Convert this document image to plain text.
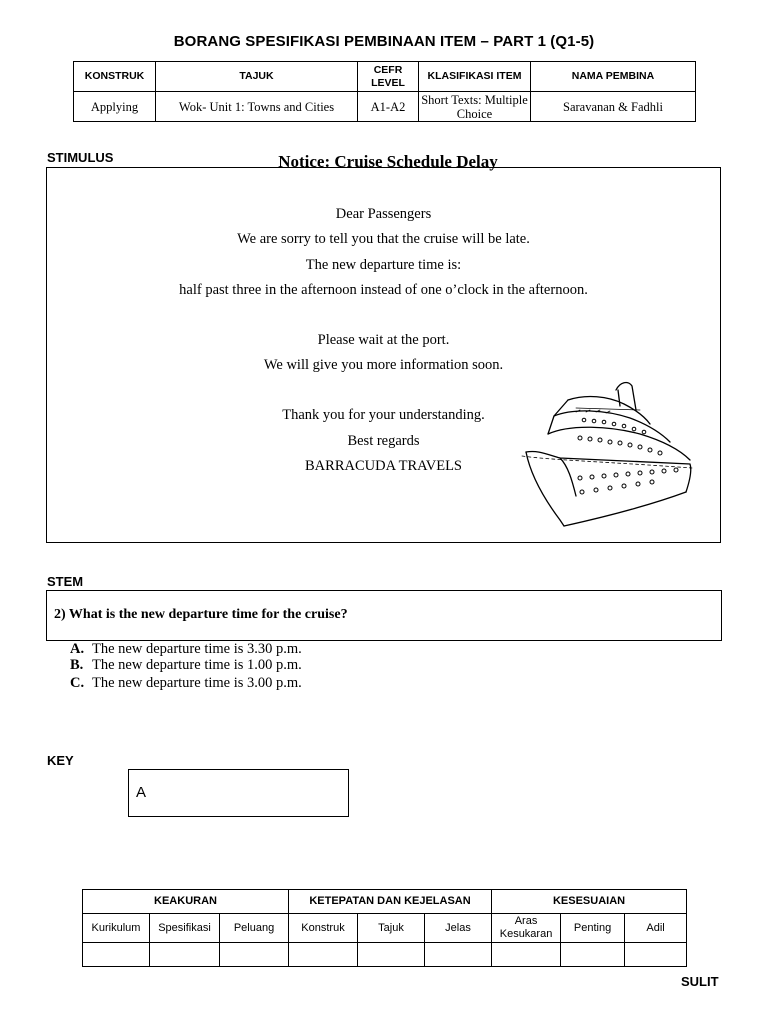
BORANG SPESIFIKASI PEMBINAAN ITEM – PART 1 (Q1-5)
KONSTRUK	TAJUK	CEFR LEVEL	KLASIFIKASI ITEM	NAMA PEMBINA
Applying	Wok- Unit 1: Towns and Cities	A1-A2	Short Texts: Multiple Choice	Saravanan & Fadhli
STIMULUS	Notice: Cruise Schedule Delay
Dear Passengers
We are sorry to tell you that the cruise will be late.
The new departure time is:
half past three in the afternoon instead of one o’clock in the afternoon.
Please wait at the port.
We will give you more information soon.
Thank you for your understanding.
Best regards
BARRACUDA TRAVELS
STEM
2) What is the new departure time for the cruise?
A. The new departure time is 3.30 p.m.
B. The new departure time is 1.00 p.m.
C. The new departure time is 3.00 p.m.
KEY
A
KEAKURAN			KETEPATAN DAN KEJELASAN			KESESUAIAN		
Kurikulum	Spesifikasi	Peluang	Konstruk	Tajuk	Jelas	Aras Kesukaran	Penting	Adil

SULIT
